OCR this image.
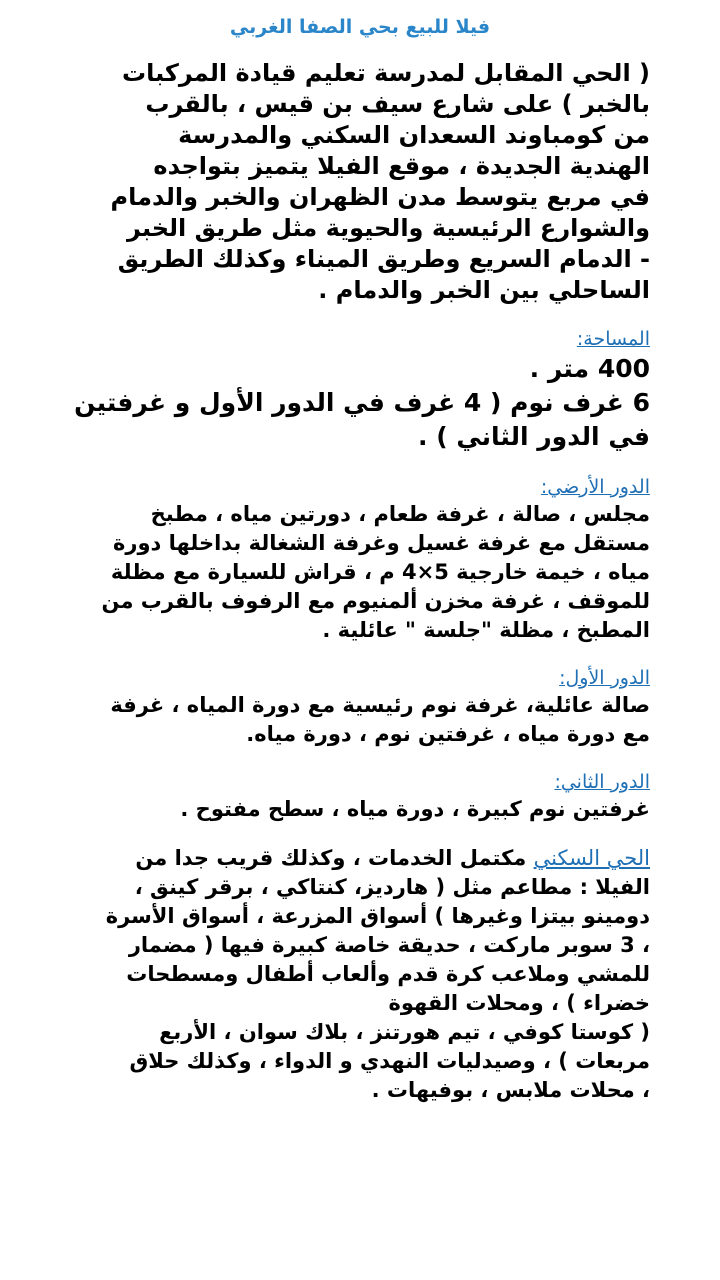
فيلا للبيع بحي الصفا الغربي

( الحي المقابل لمدرسة تعليم قيادة المركبات
بالخبر ) على شارع سيف بن قيس ، بالقرب
من كومباوند السعدان السكني والمدرسة
الهندية الجديدة ، موقع الفيلا يتميز بتواجده
في مربع يتوسط مدن الظهران والخبر والدمام
والشوارع الرئيسية والحيوية مثل طريق الخبر
- الدمام السريع وطريق الميناء وكذلك الطريق
الساحلي بين الخبر والدمام .

المساحة:
400 متر .
6 غرف نوم ( 4 غرف في الدور الأول و غرفتين
في الدور الثاني ) .
الدور الأرضي:
مجلس ، صالة ، غرفة طعام ، دورتين مياه ، مطبخ
مستقل مع غرفة غسيل وغرفة الشغالة بداخلها دورة
مياه ، خيمة خارجية 5×4 م ، قراش للسيارة مع مظلة
للموقف ، غرفة مخزن ألمنيوم مع الرفوف بالقرب من
المطبخ ، مظلة "جلسة " عائلية .
الدور الأول:
صالة عائلية، غرفة نوم رئيسية مع دورة المياه ، غرفة
مع دورة مياه ، غرفتين نوم ، دورة مياه.
الدور الثاني:
غرفتين نوم كبيرة ، دورة مياه ، سطح مفتوح .
الحي السكني مكتمل الخدمات ، وكذلك قريب جدا من
الفيلا : مطاعم مثل ( هارديز، كنتاكي ، برقر كينق ،
دومينو بيتزا وغيرها ) أسواق المزرعة ، أسواق الأسرة
، 3 سوبر ماركت ، حديقة خاصة كبيرة فيها ( مضمار
للمشي وملاعب كرة قدم وألعاب أطفال ومسطحات
خضراء ) ، ومحلات القهوة
( كوستا كوفي ، تيم هورتنز ، بلاك سوان ، الأربع
مربعات ) ، وصيدليات النهدي و الدواء ، وكذلك حلاق
، محلات ملابس ، بوفيهات .
